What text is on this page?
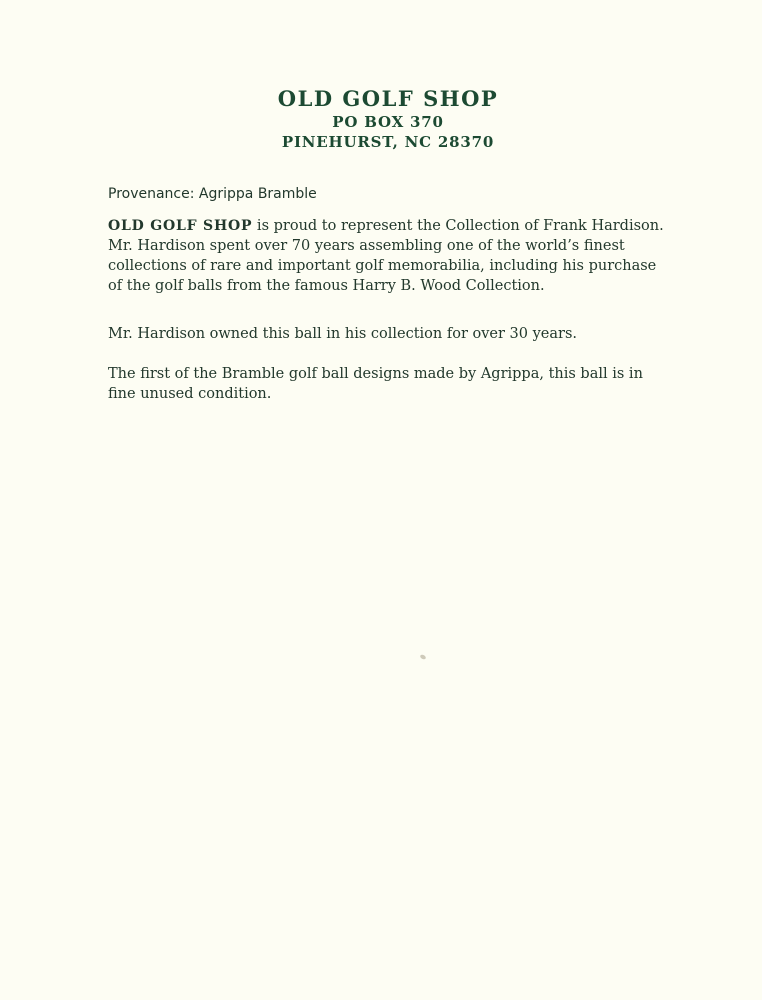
OLD GOLF SHOP
PO BOX 370
PINEHURST, NC 28370
Provenance: Agrippa Bramble
OLD GOLF SHOP is proud to represent the Collection of Frank Hardison. Mr. Hardison spent over 70 years assembling one of the world’s finest collections of rare and important golf memorabilia, including his purchase of the golf balls from the famous Harry B. Wood Collection.
Mr. Hardison owned this ball in his collection for over 30 years.
The first of the Bramble golf ball designs made by Agrippa, this ball is in fine unused condition.
